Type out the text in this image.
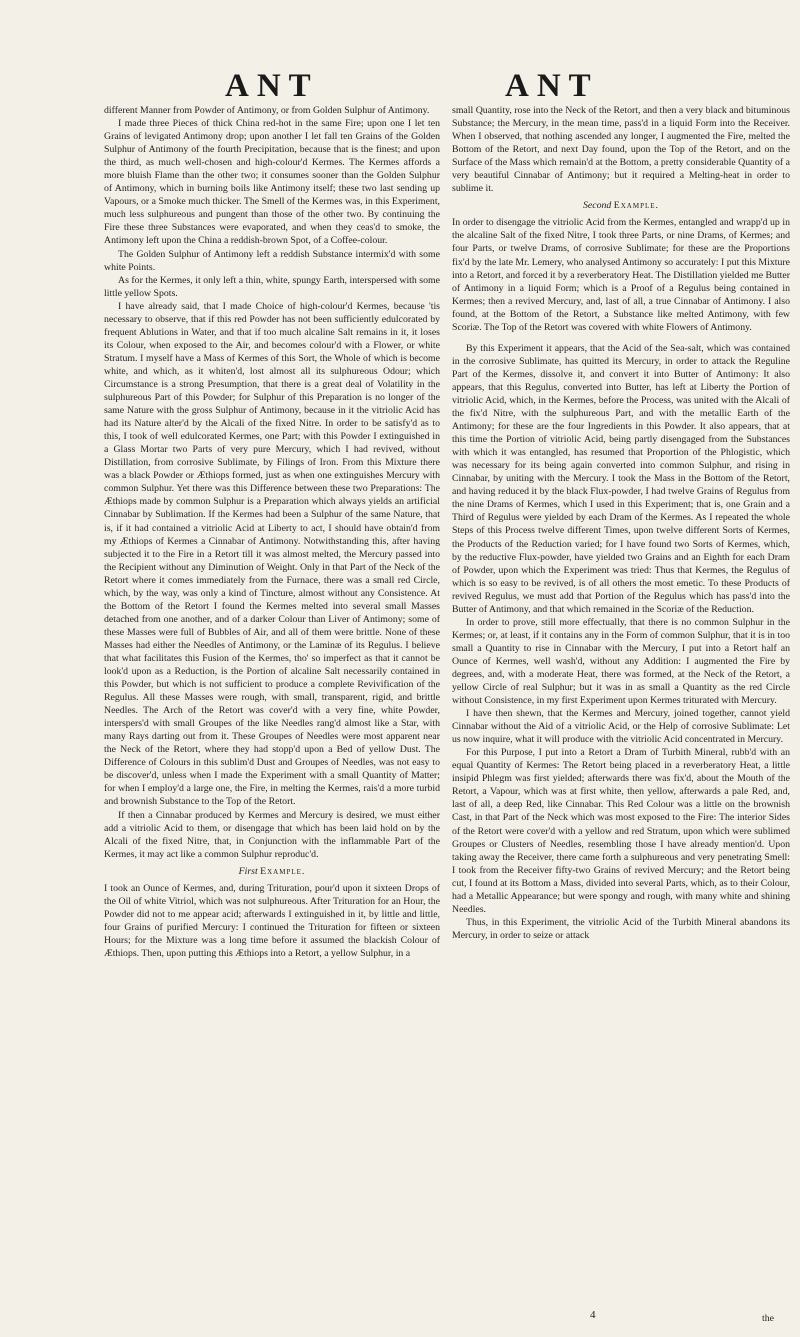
ANT	ANT

different Manner from Powder of Antimony, or from Golden Sulphur of Antimony.

I made three Pieces of thick China red-hot in the same Fire; upon one I let ten Grains of levigated Antimony drop; upon another I let fall ten Grains of the Golden Sulphur of Antimony of the fourth Precipitation, because that is the finest; and upon the third, as much well-chosen and high-colour'd Kermes. The Kermes affords a more bluish Flame than the other two; it consumes sooner than the Golden Sulphur of Antimony, which in burning boils like Antimony itself; these two last sending up Vapours, or a Smoke much thicker. The Smell of the Kermes was, in this Experiment, much less sulphureous and pungent than those of the other two. By continuing the Fire these three Substances were evaporated, and when they ceas'd to smoke, the Antimony left upon the China a reddish-brown Spot, of a Coffee-colour.

The Golden Sulphur of Antimony left a reddish Substance intermix'd with some white Points.

As for the Kermes, it only left a thin, white, spungy Earth, interspersed with some little yellow Spots.

I have already said, that I made Choice of high-colour'd Kermes, because 'tis necessary to observe, that if this red Powder has not been sufficiently edulcorated by frequent Ablutions in Water, and that if too much alcaline Salt remains in it, it loses its Colour, when exposed to the Air, and becomes colour'd with a Flower, or white Stratum. I myself have a Mass of Kermes of this Sort, the Whole of which is become white, and which, as it whiten'd, lost almost all its sulphureous Odour; which Circumstance is a strong Presumption, that there is a great deal of Volatility in the sulphureous Part of this Powder; for Sulphur of this Preparation is no longer of the same Nature with the gross Sulphur of Antimony, because in it the vitriolic Acid has had its Nature alter'd by the Alcali of the fixed Nitre. In order to be satisfy'd as to this, I took of well edulcorated Kermes, one Part; with this Powder I extinguished in a Glass Mortar two Parts of very pure Mercury, which I had revived, without Distillation, from corrosive Sublimate, by Filings of Iron. From this Mixture there was a black Powder or Æthiops formed, just as when one extinguishes Mercury with common Sulphur. Yet there was this Difference between these two Preparations: The Æthiops made by common Sulphur is a Preparation which always yields an artificial Cinnabar by Sublimation. If the Kermes had been a Sulphur of the same Nature, that is, if it had contained a vitriolic Acid at Liberty to act, I should have obtain'd from my Æthiops of Kermes a Cinnabar of Antimony. Notwithstanding this, after having subjected it to the Fire in a Retort till it was almost melted, the Mercury passed into the Recipient without any Diminution of Weight. Only in that Part of the Neck of the Retort where it comes immediately from the Furnace, there was a small red Circle, which, by the way, was only a kind of Tincture, almost without any Consistence. At the Bottom of the Retort I found the Kermes melted into several small Masses detached from one another, and of a darker Colour than Liver of Antimony; some of these Masses were full of Bubbles of Air, and all of them were brittle. None of these Masses had either the Needles of Antimony, or the Laminæ of its Regulus. I believe that what facilitates this Fusion of the Kermes, tho' so imperfect as that it cannot be look'd upon as a Reduction, is the Portion of alcaline Salt necessarily contained in this Powder, but which is not sufficient to produce a complete Revivification of the Regulus. All these Masses were rough, with small, transparent, rigid, and brittle Needles. The Arch of the Retort was cover'd with a very fine, white Powder, interspers'd with small Groupes of the like Needles rang'd almost like a Star, with many Rays darting out from it. These Groupes of Needles were most apparent near the Neck of the Retort, where they had stopp'd upon a Bed of yellow Dust. The Difference of Colours in this sublim'd Dust and Groupes of Needles, was not easy to be discover'd, unless when I made the Experiment with a small Quantity of Matter; for when I employ'd a large one, the Fire, in melting the Kermes, rais'd a more turbid and brownish Substance to the Top of the Retort.

If then a Cinnabar produced by Kermes and Mercury is desired, we must either add a vitriolic Acid to them, or disengage that which has been laid hold on by the Alcali of the fixed Nitre, that, in Conjunction with the inflammable Part of the Kermes, it may act like a common Sulphur reproduc'd.

First Example.

I took an Ounce of Kermes, and, during Trituration, pour'd upon it sixteen Drops of the Oil of white Vitriol, which was not sulphureous. After Trituration for an Hour, the Powder did not to me appear acid; afterwards I extinguished in it, by little and little, four Grains of purified Mercury: I continued the Trituration for fifteen or sixteen Hours; for the Mixture was a long time before it assumed the blackish Colour of Æthiops. Then, upon putting this Æthiops into a Retort, a yellow Sulphur, in a

small Quantity, rose into the Neck of the Retort, and then a very black and bituminous Substance; the Mercury, in the mean time, pass'd in a liquid Form into the Receiver. When I observed, that nothing ascended any longer, I augmented the Fire, melted the Bottom of the Retort, and next Day found, upon the Top of the Retort, and on the Surface of the Mass which remain'd at the Bottom, a pretty considerable Quantity of a very beautiful Cinnabar of Antimony; but it required a Melting-heat in order to sublime it.

Second Example.

In order to disengage the vitriolic Acid from the Kermes, entangled and wrapp'd up in the alcaline Salt of the fixed Nitre, I took three Parts, or nine Drams, of Kermes; and four Parts, or twelve Drams, of corrosive Sublimate; for these are the Proportions fix'd by the late Mr. Lemery, who analysed Antimony so accurately: I put this Mixture into a Retort, and forced it by a reverberatory Heat. The Distillation yielded me Butter of Antimony in a liquid Form; which is a Proof of a Regulus being contained in Kermes; then a revived Mercury, and, last of all, a true Cinnabar of Antimony. I also found, at the Bottom of the Retort, a Substance like melted Antimony, with few Scoriæ. The Top of the Retort was covered with white Flowers of Antimony.

By this Experiment it appears, that the Acid of the Sea-salt, which was contained in the corrosive Sublimate, has quitted its Mercury, in order to attack the Reguline Part of the Kermes, dissolve it, and convert it into Butter of Antimony: It also appears, that this Regulus, converted into Butter, has left at Liberty the Portion of vitriolic Acid, which, in the Kermes, before the Process, was united with the Alcali of the fix'd Nitre, with the sulphureous Part, and with the metallic Earth of the Antimony; for these are the four Ingredients in this Powder. It also appears, that at this time the Portion of vitriolic Acid, being partly disengaged from the Substances with which it was entangled, has resumed that Proportion of the Phlogistic, which was necessary for its being again converted into common Sulphur, and rising in Cinnabar, by uniting with the Mercury. I took the Mass in the Bottom of the Retort, and having reduced it by the black Flux-powder, I had twelve Grains of Regulus from the nine Drams of Kermes, which I used in this Experiment; that is, one Grain and a Third of Regulus were yielded by each Dram of the Kermes. As I repeated the whole Steps of this Process twelve different Times, upon twelve different Sorts of Kermes, the Products of the Reduction varied; for I have found two Sorts of Kermes, which, by the reductive Flux-powder, have yielded two Grains and an Eighth for each Dram of Powder, upon which the Experiment was tried: Thus that Kermes, the Regulus of which is so easy to be revived, is of all others the most emetic. To these Products of revived Regulus, we must add that Portion of the Regulus which has pass'd into the Butter of Antimony, and that which remained in the Scoriæ of the Reduction.

In order to prove, still more effectually, that there is no common Sulphur in the Kermes; or, at least, if it contains any in the Form of common Sulphur, that it is in too small a Quantity to rise in Cinnabar with the Mercury, I put into a Retort half an Ounce of Kermes, well wash'd, without any Addition: I augmented the Fire by degrees, and, with a moderate Heat, there was formed, at the Neck of the Retort, a yellow Circle of real Sulphur; but it was in as small a Quantity as the red Circle without Consistence, in my first Experiment upon Kermes triturated with Mercury.

I have then shewn, that the Kermes and Mercury, joined together, cannot yield Cinnabar without the Aid of a vitriolic Acid, or the Help of corrosive Sublimate: Let us now inquire, what it will produce with the vitriolic Acid concentrated in Mercury.

For this Purpose, I put into a Retort a Dram of Turbith Mineral, rubb'd with an equal Quantity of Kermes: The Retort being placed in a reverberatory Heat, a little insipid Phlegm was first yielded; afterwards there was fix'd, about the Mouth of the Retort, a Vapour, which was at first white, then yellow, afterwards a pale Red, and, last of all, a deep Red, like Cinnabar. This Red Colour was a little on the brownish Cast, in that Part of the Neck which was most exposed to the Fire: The interior Sides of the Retort were cover'd with a yellow and red Stratum, upon which were sublimed Groupes or Clusters of Needles, resembling those I have already mention'd. Upon taking away the Receiver, there came forth a sulphureous and very penetrating Smell: I took from the Receiver fifty-two Grains of revived Mercury; and the Retort being cut, I found at its Bottom a Mass, divided into several Parts, which, as to their Colour, had a Metallic Appearance; but were spongy and rough, with many white and shining Needles.

Thus, in this Experiment, the vitriolic Acid of the Turbith Mineral abandons its Mercury, in order to seize or attack

4	the
